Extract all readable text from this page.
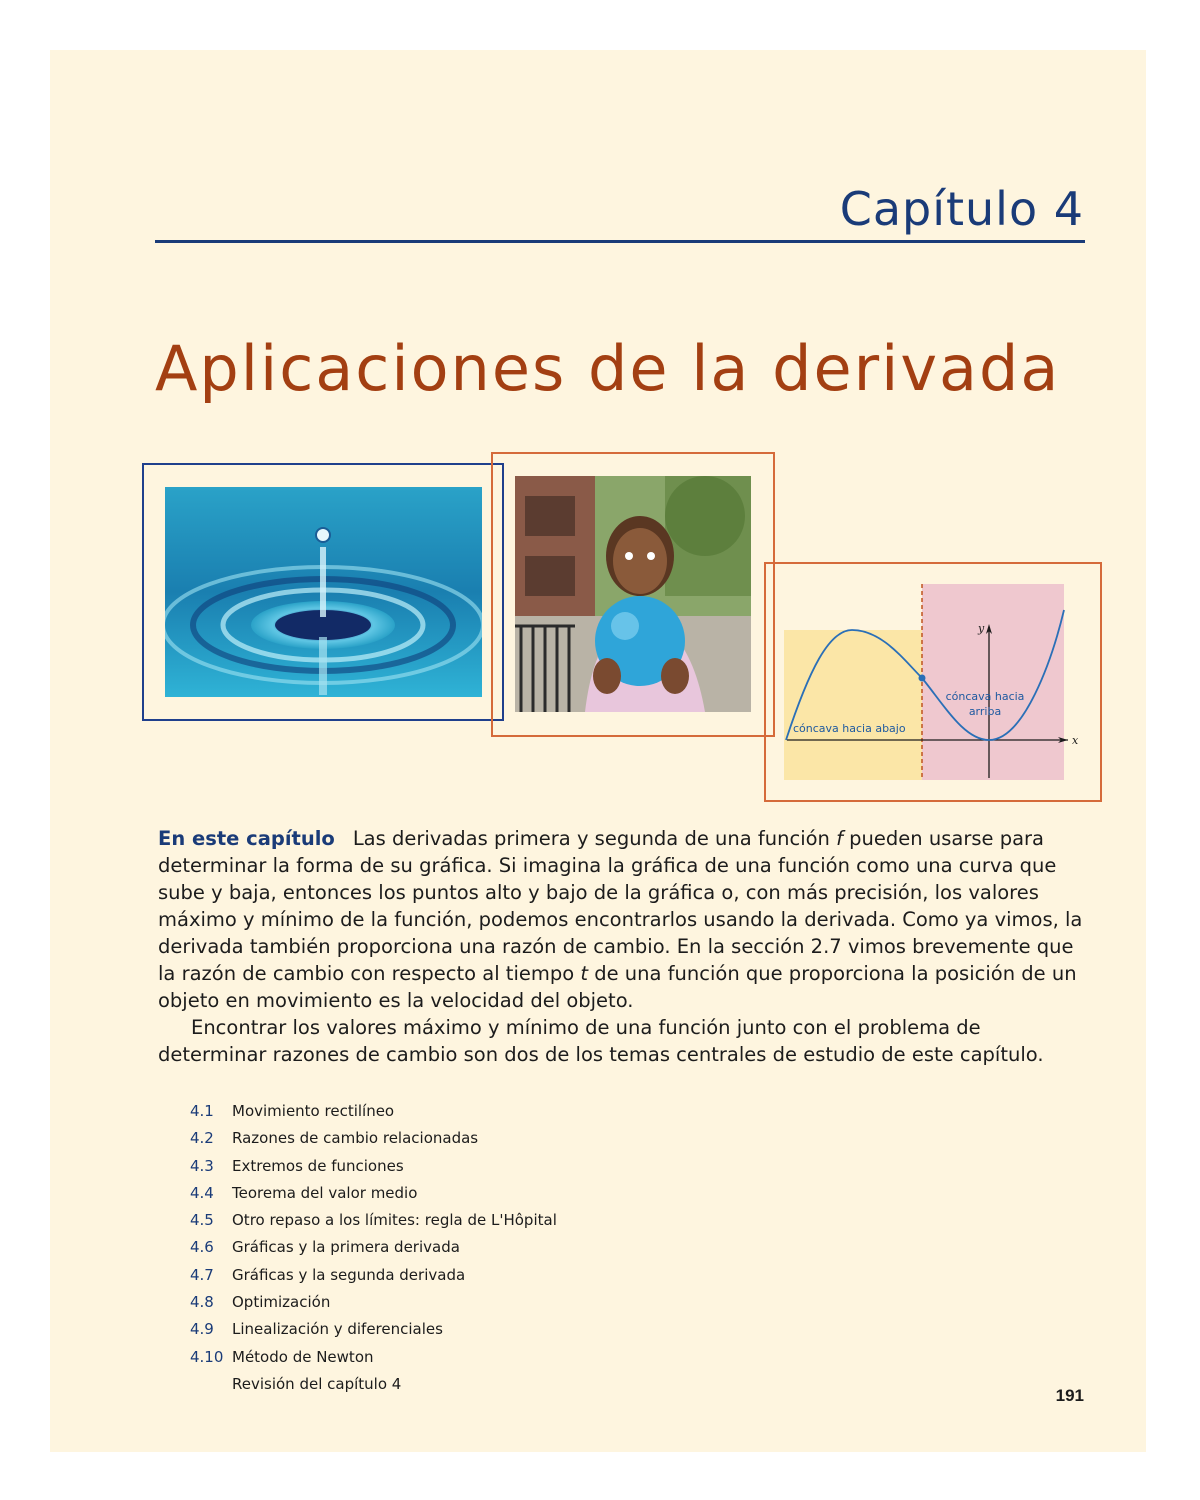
Capítulo 4
Aplicaciones de la derivada
x
y
cóncava hacia abajo
cóncava hacia
arriba

En este capítulo Las derivadas primera y segunda de una función f pueden usarse para determinar la forma de su gráfica. Si imagina la gráfica de una función como una curva que sube y baja, entonces los puntos alto y bajo de la gráfica o, con más precisión, los valores máximo y mínimo de la función, podemos encontrarlos usando la derivada. Como ya vimos, la derivada también proporciona una razón de cambio. En la sección 2.7 vimos brevemente que la razón de cambio con respecto al tiempo t de una función que proporciona la posición de un objeto en movimiento es la velocidad del objeto.

Encontrar los valores máximo y mínimo de una función junto con el problema de determinar razones de cambio son dos de los temas centrales de estudio de este capítulo.

4.1 Movimiento rectilíneo
4.2 Razones de cambio relacionadas
4.3 Extremos de funciones
4.4 Teorema del valor medio
4.5 Otro repaso a los límites: regla de L'Hôpital
4.6 Gráficas y la primera derivada
4.7 Gráficas y la segunda derivada
4.8 Optimización
4.9 Linealización y diferenciales
4.10 Método de Newton
Revisión del capítulo 4
191
